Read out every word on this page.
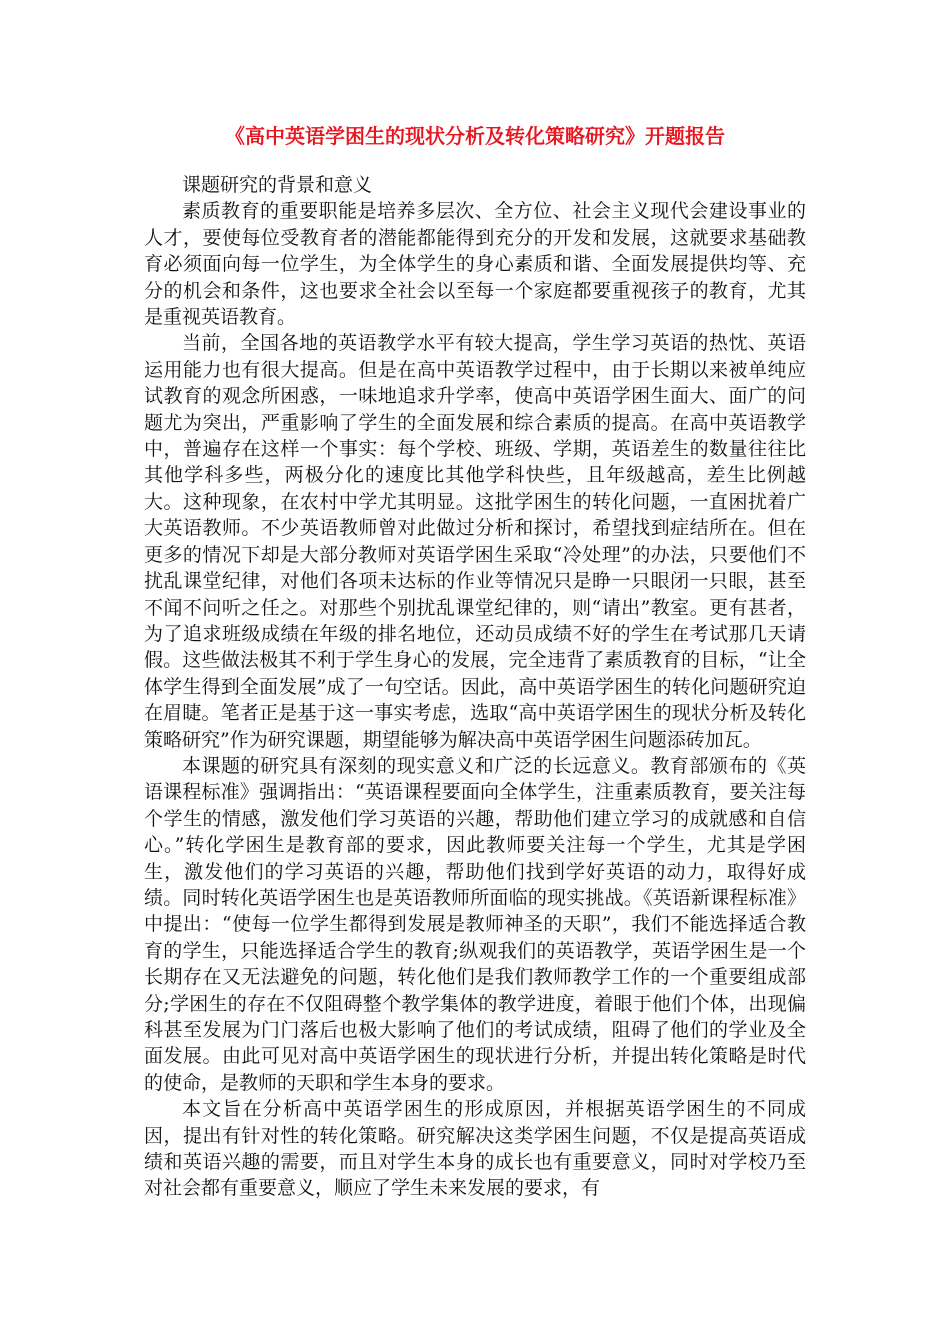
《高中英语学困生的现状分析及转化策略研究》开题报告

课题研究的背景和意义

素质教育的重要职能是培养多层次、全方位、社会主义现代会建设事业的人才，要使每位受教育者的潜能都能得到充分的开发和发展，这就要求基础教育必须面向每一位学生，为全体学生的身心素质和谐、全面发展提供均等、充分的机会和条件，这也要求全社会以至每一个家庭都要重视孩子的教育，尤其是重视英语教育。

当前，全国各地的英语教学水平有较大提高，学生学习英语的热忱、英语运用能力也有很大提高。但是在高中英语教学过程中，由于长期以来被单纯应试教育的观念所困惑，一味地追求升学率，使高中英语学困生面大、面广的问题尤为突出，严重影响了学生的全面发展和综合素质的提高。在高中英语教学中，普遍存在这样一个事实：每个学校、班级、学期，英语差生的数量往往比其他学科多些，两极分化的速度比其他学科快些，且年级越高，差生比例越大。这种现象，在农村中学尤其明显。这批学困生的转化问题，一直困扰着广大英语教师。不少英语教师曾对此做过分析和探讨，希望找到症结所在。但在更多的情况下却是大部分教师对英语学困生采取“冷处理”的办法，只要他们不扰乱课堂纪律，对他们各项未达标的作业等情况只是睁一只眼闭一只眼，甚至不闻不问听之任之。对那些个别扰乱课堂纪律的，则“请出”教室。更有甚者，为了追求班级成绩在年级的排名地位，还动员成绩不好的学生在考试那几天请假。这些做法极其不利于学生身心的发展，完全违背了素质教育的目标，“让全体学生得到全面发展”成了一句空话。因此，高中英语学困生的转化问题研究迫在眉睫。笔者正是基于这一事实考虑，选取“高中英语学困生的现状分析及转化策略研究”作为研究课题，期望能够为解决高中英语学困生问题添砖加瓦。

本课题的研究具有深刻的现实意义和广泛的长远意义。教育部颁布的《英语课程标准》强调指出：“英语课程要面向全体学生，注重素质教育，要关注每个学生的情感，激发他们学习英语的兴趣，帮助他们建立学习的成就感和自信心。”转化学困生是教育部的要求，因此教师要关注每一个学生，尤其是学困生，激发他们的学习英语的兴趣，帮助他们找到学好英语的动力，取得好成绩。同时转化英语学困生也是英语教师所面临的现实挑战。《英语新课程标准》中提出：“使每一位学生都得到发展是教师神圣的天职”，我们不能选择适合教育的学生，只能选择适合学生的教育;纵观我们的英语教学，英语学困生是一个长期存在又无法避免的问题，转化他们是我们教师教学工作的一个重要组成部分;学困生的存在不仅阻碍整个教学集体的教学进度，着眼于他们个体，出现偏科甚至发展为门门落后也极大影响了他们的考试成绩，阻碍了他们的学业及全面发展。由此可见对高中英语学困生的现状进行分析，并提出转化策略是时代的使命，是教师的天职和学生本身的要求。

本文旨在分析高中英语学困生的形成原因，并根据英语学困生的不同成因，提出有针对性的转化策略。研究解决这类学困生问题，不仅是提高英语成绩和英语兴趣的需要，而且对学生本身的成长也有重要意义，同时对学校乃至对社会都有重要意义，顺应了学生未来发展的要求，有
